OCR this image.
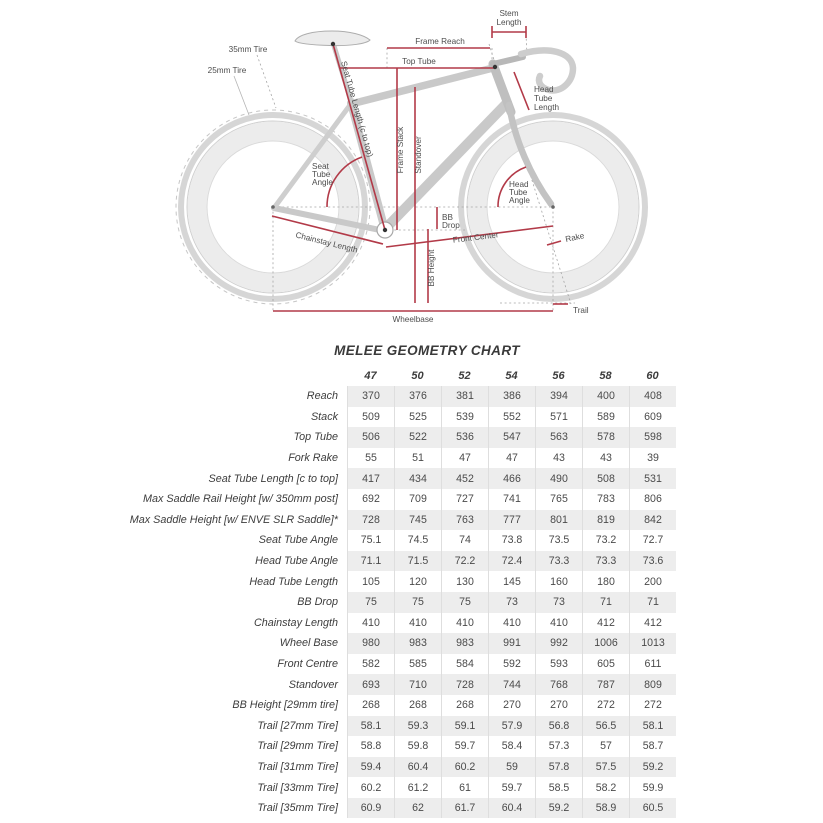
35mm Tire
25mm Tire
Stem
Length
Frame Reach
Top Tube
Head
Tube
Length
Seat Tube Length (c to top)	Frame Stack Standover
Seat
Tube
Angle	Head
Tube
Angle
BB
Drop
Chainstay Length	Front Center	Rake
BB Height
Wheelbase
Trail
MELEE GEOMETRY CHART
47	50	52	54	56	58	60
Reach	370	376	381	386	394	400	408
Stack	509	525	539	552	571	589	609
Top Tube	506	522	536	547	563	578	598
Fork Rake	55	51	47	47	43	43	39
Seat Tube Length [c to top]	417	434	452	466	490	508	531
Max Saddle Rail Height [w/ 350mm post]	692	709	727	741	765	783	806
Max Saddle Height [w/ ENVE SLR Saddle]*	728	745	763	777	801	819	842
Seat Tube Angle	75.1	74.5	74	73.8	73.5	73.2	72.7
Head Tube Angle	71.1	71.5	72.2	72.4	73.3	73.3	73.6
Head Tube Length	105	120	130	145	160	180	200
BB Drop	75	75	75	73	73	71	71
Chainstay Length	410	410	410	410	410	412	412
Wheel Base	980	983	983	991	992	1006	1013
Front Centre	582	585	584	592	593	605	611
Standover	693	710	728	744	768	787	809
BB Height [29mm tire]	268	268	268	270	270	272	272
Trail [27mm Tire]	58.1	59.3	59.1	57.9	56.8	56.5	58.1
Trail [29mm Tire]	58.8	59.8	59.7	58.4	57.3	57	58.7
Trail [31mm Tire]	59.4	60.4	60.2	59	57.8	57.5	59.2
Trail [33mm Tire]	60.2	61.2	61	59.7	58.5	58.2	59.9
Trail [35mm Tire]	60.9	62	61.7	60.4	59.2	58.9	60.5
